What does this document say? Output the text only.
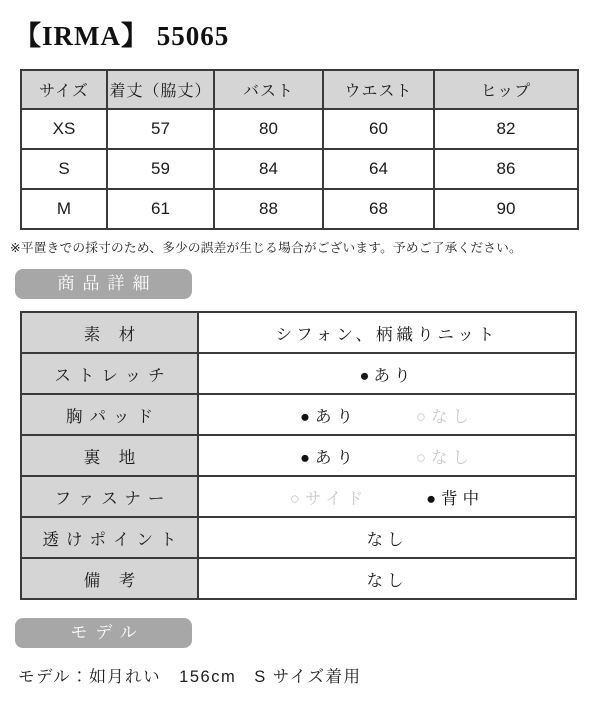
【IRMA】 55065
サイズ	着丈（脇丈）	バスト	ウエスト	ヒップ
XS	57	80	60	82
S	59	84	64	86
M	61	88	68	90
※平置きでの採寸のため、多少の誤差が生じる場合がございます。予めご了承ください。
商品詳細
素 材	シフォン、柄織りニット
ストレッチ	●あり
胸パッド	●あり ○なし

裏 地	●あり ○なし

ファスナー	○サイド ●背中

透けポイント	なし
備 考	なし
モデル
モデル：如月れい　156cm　S サイズ着用
